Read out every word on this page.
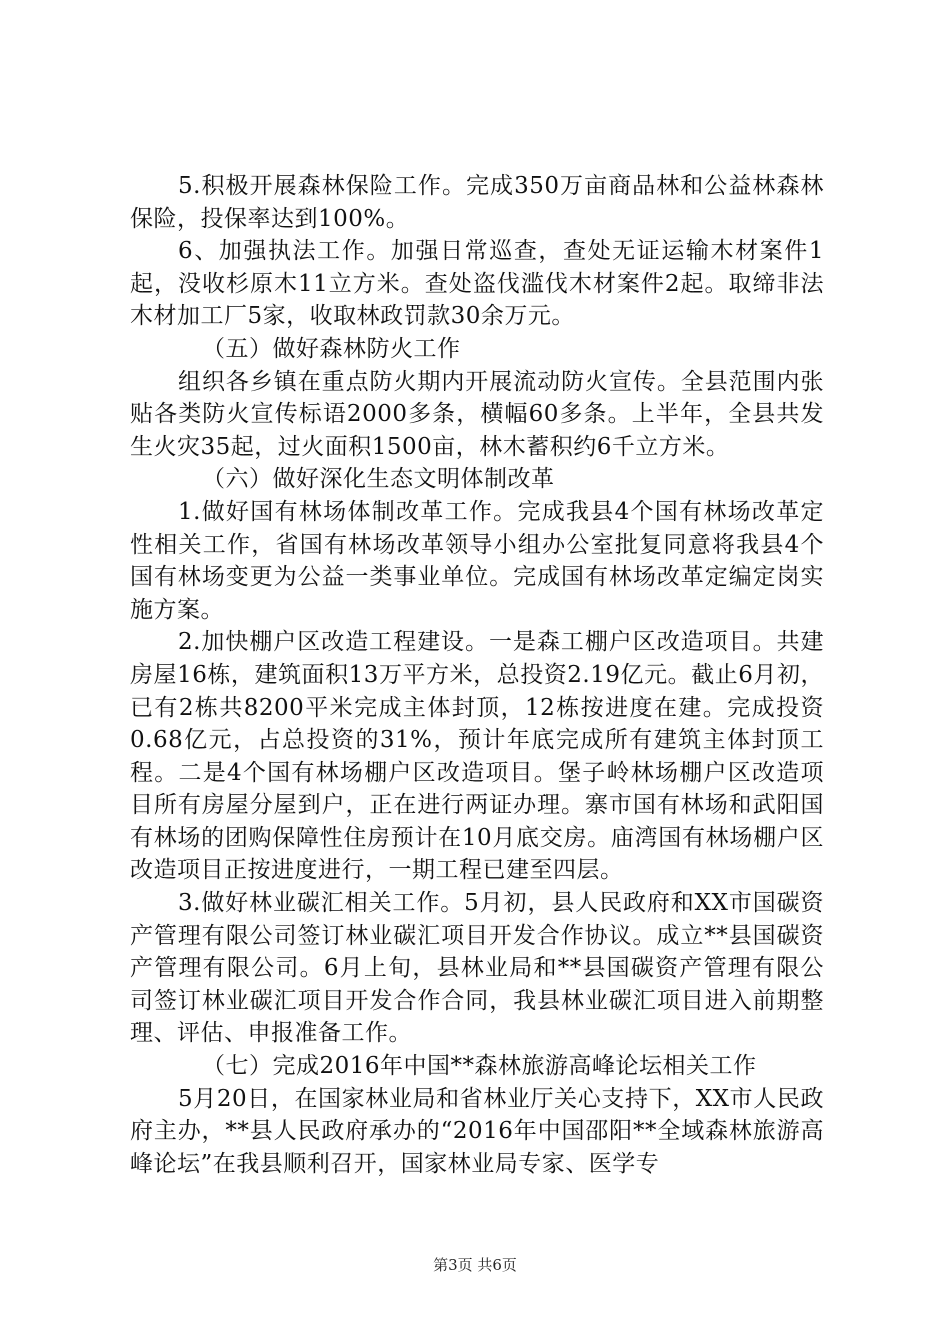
5.积极开展森林保险工作。完成350万亩商品林和公益林森林保险，投保率达到100%。

6、加强执法工作。加强日常巡查，查处无证运输木材案件1起，没收杉原木11立方米。查处盗伐滥伐木材案件2起。取缔非法木材加工厂5家，收取林政罚款30余万元。

（五）做好森林防火工作

组织各乡镇在重点防火期内开展流动防火宣传。全县范围内张贴各类防火宣传标语2000多条，横幅60多条。上半年，全县共发生火灾35起，过火面积1500亩，林木蓄积约6千立方米。

（六）做好深化生态文明体制改革

1.做好国有林场体制改革工作。完成我县4个国有林场改革定性相关工作，省国有林场改革领导小组办公室批复同意将我县4个国有林场变更为公益一类事业单位。完成国有林场改革定编定岗实施方案。

2.加快棚户区改造工程建设。一是森工棚户区改造项目。共建房屋16栋，建筑面积13万平方米，总投资2.19亿元。截止6月初，已有2栋共8200平米完成主体封顶，12栋按进度在建。完成投资0.68亿元，占总投资的31%，预计年底完成所有建筑主体封顶工程。二是4个国有林场棚户区改造项目。堡子岭林场棚户区改造项目所有房屋分屋到户，正在进行两证办理。寨市国有林场和武阳国有林场的团购保障性住房预计在10月底交房。庙湾国有林场棚户区改造项目正按进度进行，一期工程已建至四层。

3.做好林业碳汇相关工作。5月初，县人民政府和XX市国碳资产管理有限公司签订林业碳汇项目开发合作协议。成立**县国碳资产管理有限公司。6月上旬，县林业局和**县国碳资产管理有限公司签订林业碳汇项目开发合作合同，我县林业碳汇项目进入前期整理、评估、申报准备工作。

（七）完成2016年中国**森林旅游高峰论坛相关工作

5月20日，在国家林业局和省林业厅关心支持下，XX市人民政府主办，**县人民政府承办的“2016年中国邵阳**全域森林旅游高峰论坛”在我县顺利召开，国家林业局专家、医学专

第3页 共6页
